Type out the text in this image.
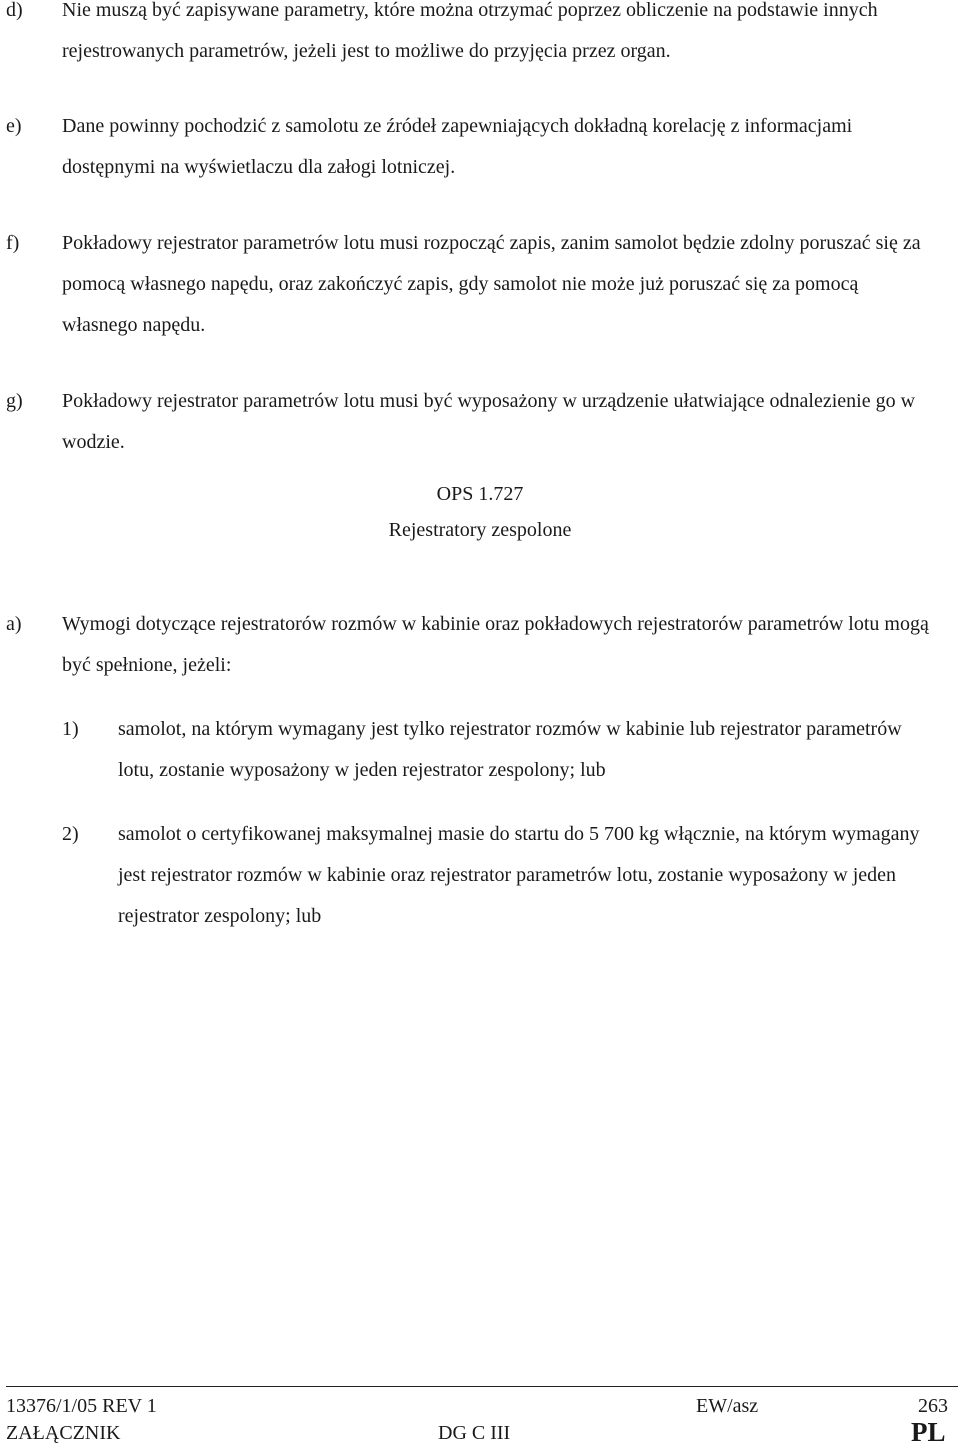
d) Nie muszą być zapisywane parametry, które można otrzymać poprzez obliczenie na podstawie innych rejestrowanych parametrów, jeżeli jest to możliwe do przyjęcia przez organ.
e) Dane powinny pochodzić z samolotu ze źródeł zapewniających dokładną korelację z informacjami dostępnymi na wyświetlaczu dla załogi lotniczej.
f) Pokładowy rejestrator parametrów lotu musi rozpocząć zapis, zanim samolot będzie zdolny poruszać się za pomocą własnego napędu, oraz zakończyć zapis, gdy samolot nie może już poruszać się za pomocą własnego napędu.
g) Pokładowy rejestrator parametrów lotu musi być wyposażony w urządzenie ułatwiające odnalezienie go w wodzie.
OPS 1.727
Rejestratory zespolone
a) Wymogi dotyczące rejestratorów rozmów w kabinie oraz pokładowych rejestratorów parametrów lotu mogą być spełnione, jeżeli:
1) samolot, na którym wymagany jest tylko rejestrator rozmów w kabinie lub rejestrator parametrów lotu, zostanie wyposażony w jeden rejestrator zespolony; lub
2) samolot o certyfikowanej maksymalnej masie do startu do 5 700 kg włącznie, na którym wymagany jest rejestrator rozmów w kabinie oraz rejestrator parametrów lotu, zostanie wyposażony w jeden rejestrator zespolony; lub
13376/1/05 REV 1	EW/asz	263
ZAŁĄCZNIK	DG C III	PL
